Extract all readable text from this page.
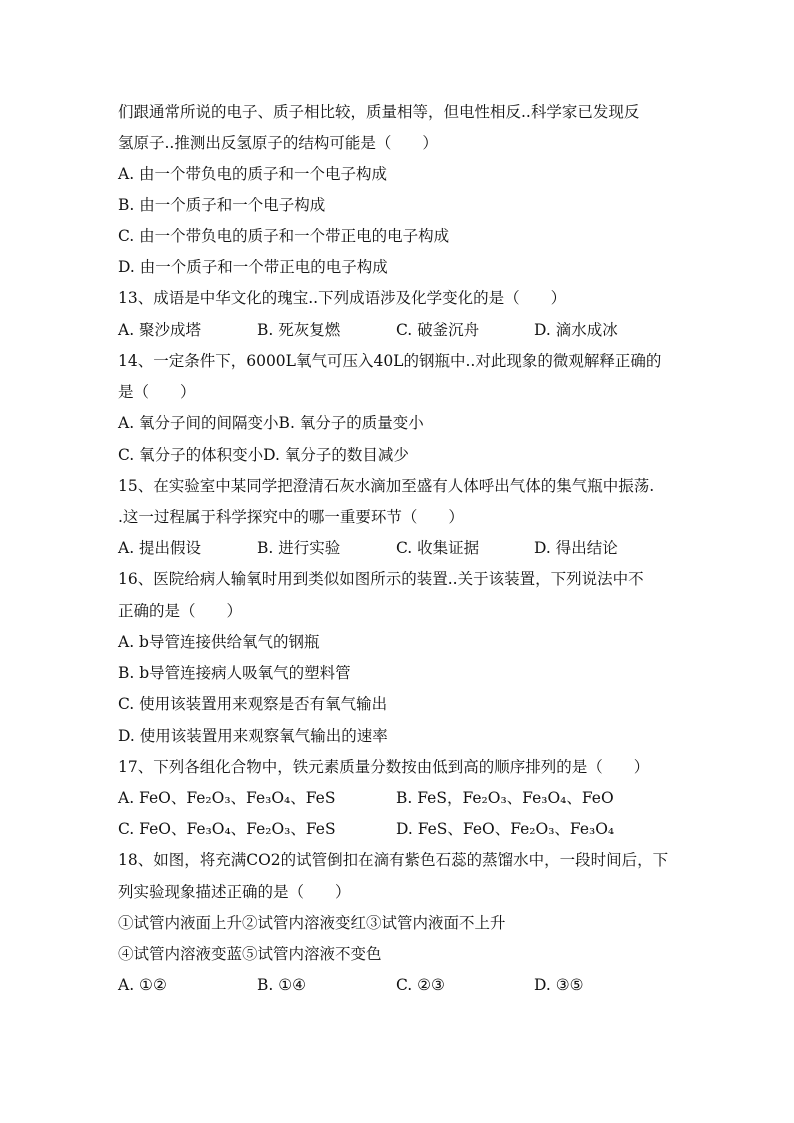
们跟通常所说的电子、质子相比较，质量相等，但电性相反..科学家已发现反
氢原子..推测出反氢原子的结构可能是（　　）
A. 由一个带负电的质子和一个电子构成
B. 由一个质子和一个电子构成
C. 由一个带负电的质子和一个带正电的电子构成
D. 由一个质子和一个带正电的电子构成
13、成语是中华文化的瑰宝..下列成语涉及化学变化的是（　　）
A. 聚沙成塔	B. 死灰复燃	C. 破釜沉舟	D. 滴水成冰
14、一定条件下，6000L氧气可压入40L的钢瓶中..对此现象的微观解释正确的
是（　　）
A. 氧分子间的间隔变小B. 氧分子的质量变小
C. 氧分子的体积变小D. 氧分子的数目减少
15、在实验室中某同学把澄清石灰水滴加至盛有人体呼出气体的集气瓶中振荡.
.这一过程属于科学探究中的哪一重要环节（　　）
A. 提出假设	B. 进行实验	C. 收集证据	D. 得出结论
16、医院给病人输氧时用到类似如图所示的装置..关于该装置，下列说法中不
正确的是（　　）
A. b导管连接供给氧气的钢瓶
B. b导管连接病人吸氧气的塑料管
C. 使用该装置用来观察是否有氧气输出
D. 使用该装置用来观察氧气输出的速率
17、下列各组化合物中，铁元素质量分数按由低到高的顺序排列的是（　　）
A. FeO、Fe₂O₃、Fe₃O₄、FeS	B. FeS，Fe₂O₃、Fe₃O₄、FeO
C. FeO、Fe₃O₄、Fe₂O₃、FeS	D. FeS、FeO、Fe₂O₃、Fe₃O₄
18、如图，将充满CO2的试管倒扣在滴有紫色石蕊的蒸馏水中，一段时间后，下
列实验现象描述正确的是（　　）
①试管内液面上升②试管内溶液变红③试管内液面不上升
④试管内溶液变蓝⑤试管内溶液不变色
A. ①②	B. ①④	C. ②③	D. ③⑤
